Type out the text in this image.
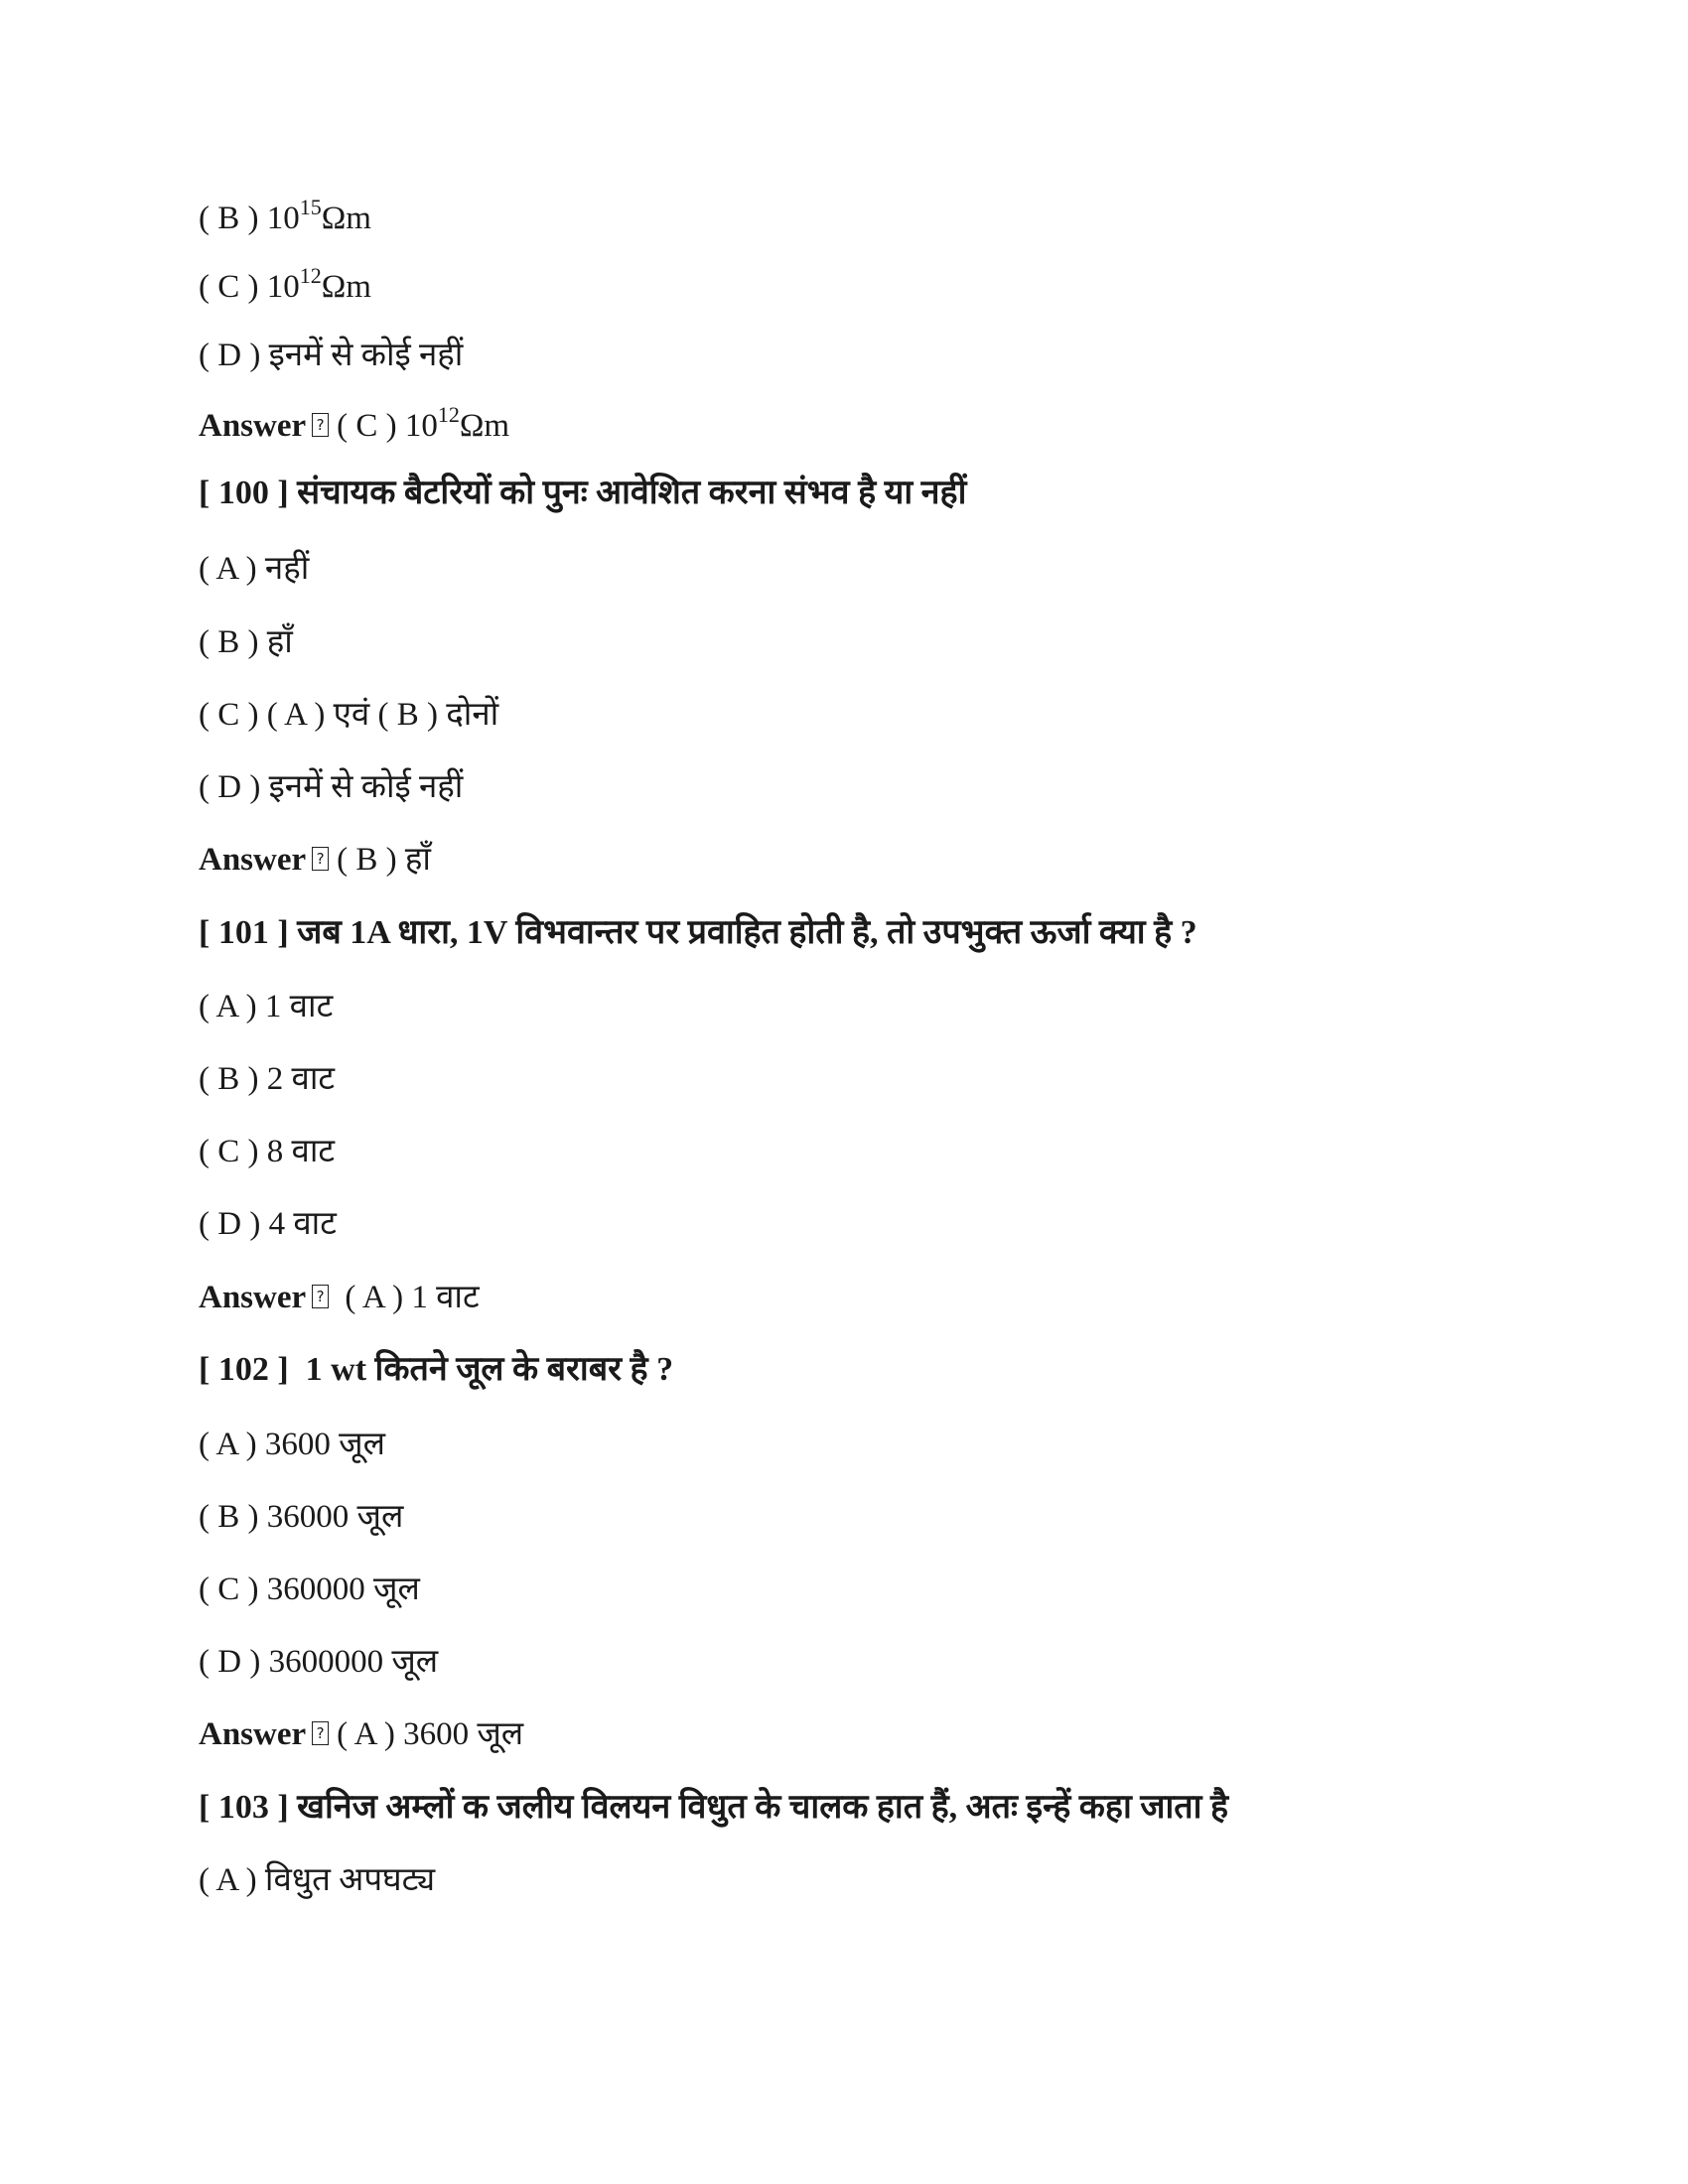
( B ) $10^{15}\Omega m$
( C ) $10^{12}\Omega m$
( D ) इनमें से कोई नहीं
Answer ? ( C ) $10^{12}\Omega m$
[ 100 ] संचायक बैटरियों को पुनः आवेशित करना संभव है या नहीं
( A ) नहीं
( B ) हाँ
( C ) ( A ) एवं ( B ) दोनों
( D ) इनमें से कोई नहीं
Answer ? ( B ) हाँ
[ 101 ] जब 1A धारा, 1V विभवान्तर पर प्रवाहित होती है, तो उपभुक्त ऊर्जा क्या है ?
( A ) 1 वाट
( B ) 2 वाट
( C ) 8 वाट
( D ) 4 वाट
Answer ? ( A ) 1 वाट
[ 102 ]  1 wt कितने जूल के बराबर है ?
( A ) 3600 जूल
( B ) 36000 जूल
( C ) 360000 जूल
( D ) 3600000 जूल
Answer ? ( A ) 3600 जूल
[ 103 ] खनिज अम्लों क जलीय विलयन विधुत के चालक हात हैं, अतः इन्हें कहा जाता है
( A ) विधुत अपघट्य
